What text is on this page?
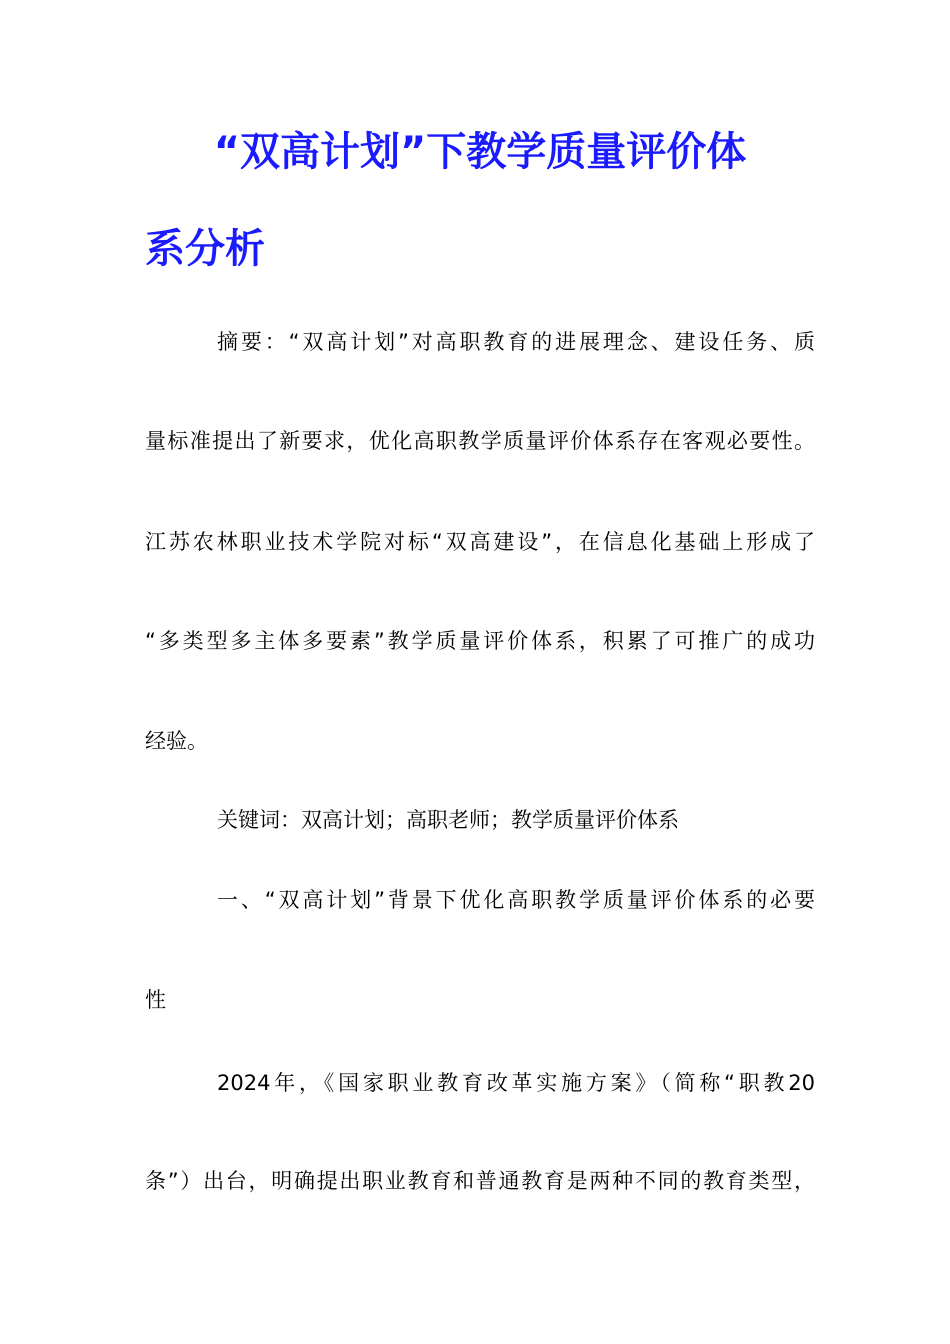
“双高计划”下教学质量评价体
系分析
摘要：“双高计划”对高职教育的进展理念、建设任务、质
量标准提出了新要求，优化高职教学质量评价体系存在客观必要性。
江苏农林职业技术学院对标“双高建设”，在信息化基础上形成了
“多类型多主体多要素”教学质量评价体系，积累了可推广的成功
经验。
关键词：双高计划；高职老师；教学质量评价体系
一、“双高计划”背景下优化高职教学质量评价体系的必要
性
2024年，《国家职业教育改革实施方案》（简称“职教20
条”）出台，明确提出职业教育和普通教育是两种不同的教育类型，
